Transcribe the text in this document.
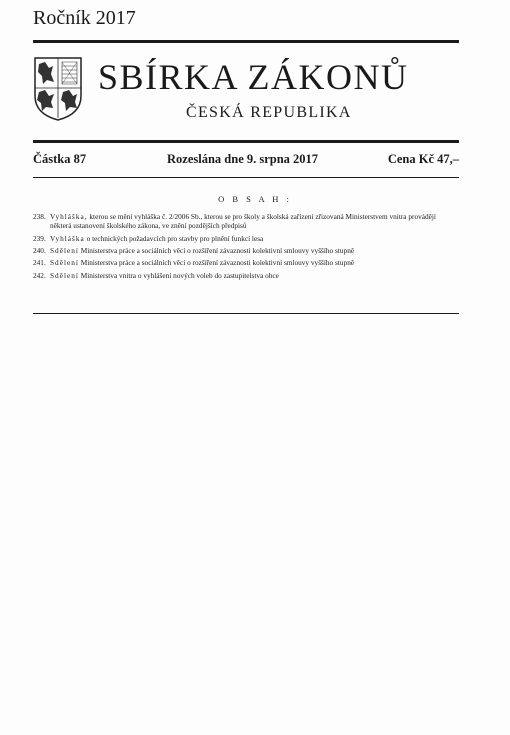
Ročník 2017
SBÍRKA ZÁKONŮ
ČESKÁ REPUBLIKA
Částka 87	Rozeslána dne 9. srpna 2017	Cena Kč 47,–
O B S A H :
238. Vyhláška, kterou se mění vyhláška č. 2/2006 Sb., kterou se pro školy a školská zařízení zřizovaná Ministerstvem vnitra provádějí některá ustanovení školského zákona, ve znění pozdějších předpisů
239. Vyhláška o technických požadavcích pro stavby pro plnění funkcí lesa
240. Sdělení Ministerstva práce a sociálních věcí o rozšíření závaznosti kolektivní smlouvy vyššího stupně
241. Sdělení Ministerstva práce a sociálních věcí o rozšíření závaznosti kolektivní smlouvy vyššího stupně
242. Sdělení Ministerstva vnitra o vyhlášení nových voleb do zastupitelstva obce
